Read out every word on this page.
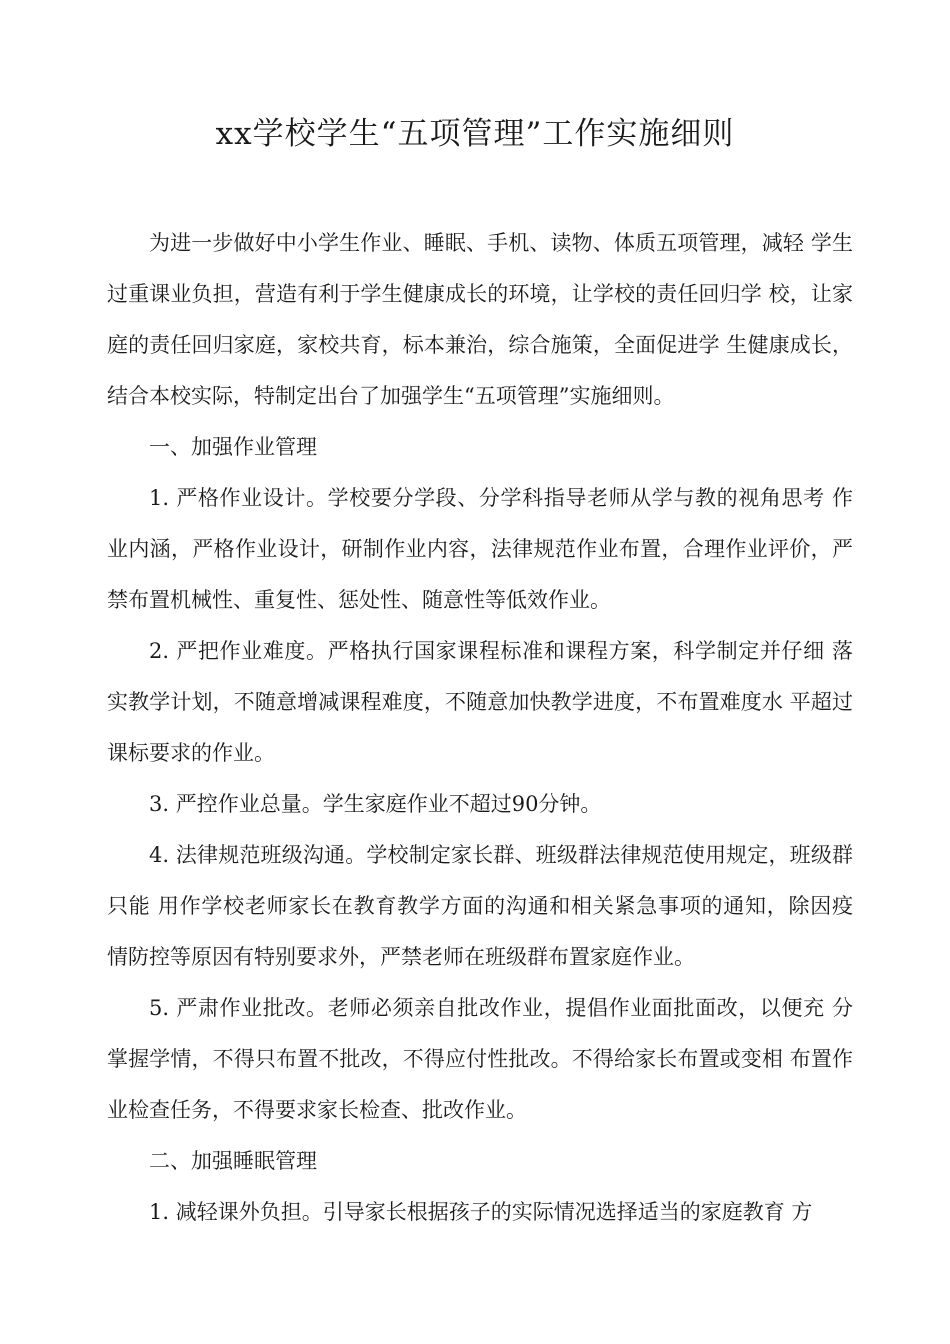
xx学校学生“五项管理”工作实施细则

为进一步做好中小学生作业、睡眠、手机、读物、体质五项管理，减轻 学生过重课业负担，营造有利于学生健康成长的环境，让学校的责任回归学 校，让家庭的责任回归家庭，家校共育，标本兼治，综合施策，全面促进学 生健康成长，结合本校实际，特制定出台了加强学生“五项管理”实施细则。

一、加强作业管理

1. 严格作业设计。学校要分学段、分学科指导老师从学与教的视角思考 作业内涵，严格作业设计，研制作业内容，法律规范作业布置，合理作业评价，严禁布置机械性、重复性、惩处性、随意性等低效作业。

2. 严把作业难度。严格执行国家课程标准和课程方案，科学制定并仔细 落实教学计划，不随意增减课程难度，不随意加快教学进度，不布置难度水 平超过课标要求的作业。

3. 严控作业总量。学生家庭作业不超过90分钟。

4. 法律规范班级沟通。学校制定家长群、班级群法律规范使用规定，班级群只能 用作学校老师家长在教育教学方面的沟通和相关紧急事项的通知，除因疫 情防控等原因有特别要求外，严禁老师在班级群布置家庭作业。

5. 严肃作业批改。老师必须亲自批改作业，提倡作业面批面改，以便充 分掌握学情，不得只布置不批改，不得应付性批改。不得给家长布置或变相 布置作业检查任务，不得要求家长检查、批改作业。

二、加强睡眠管理

1. 减轻课外负担。引导家长根据孩子的实际情况选择适当的家庭教育 方
